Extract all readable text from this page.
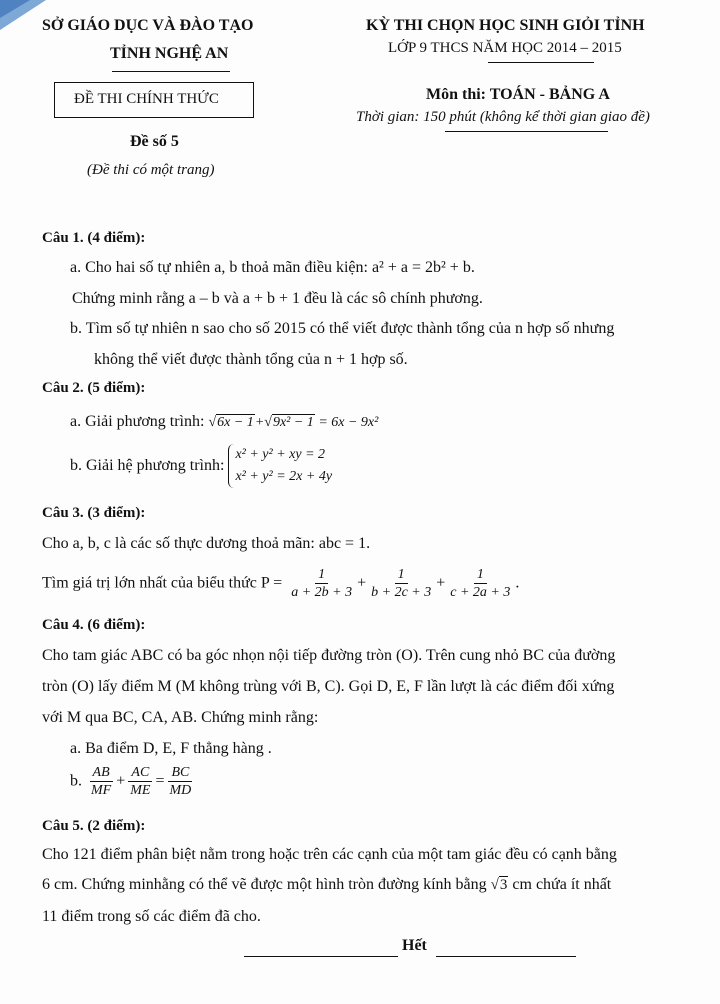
SỞ GIÁO DỤC VÀ ĐÀO TẠO
TỈNH NGHỆ AN
KỲ THI CHỌN HỌC SINH GIỎI TỈNH
LỚP 9 THCS NĂM HỌC 2014 – 2015
ĐỀ THI CHÍNH THỨC	Môn thi: TOÁN - BẢNG A
Thời gian: 150 phút (không kể thời gian giao đề)
Đề số 5
(Đề thi có một trang)
Câu 1. (4 điểm):
a. Cho hai số tự nhiên a, b thoả mãn điều kiện: a² + a = 2b² + b.
Chứng minh rằng a – b và a + b + 1 đều là các sô chính phương.
b. Tìm số tự nhiên n sao cho số 2015 có thể viết được thành tổng của n hợp số nhưng
không thể viết được thành tổng của n + 1 hợp số.
Câu 2. (5 điểm):
a. Giải phương trình: √6x − 1+√9x² − 1 = 6x − 9x²
b. Giải hệ phương trình:
x² + y² + xy = 2
x² + y² = 2x + 4y
Câu 3. (3 điểm):
Cho a, b, c là các số thực dương thoả mãn: abc = 1.
Tìm giá trị lớn nhất của biểu thức $P = \frac{1}{a + 2b + 3} + \frac{1}{b + 2c + 3} + \frac{1}{c + 2a + 3}$ .
Câu 4. (6 điểm):
Cho tam giác ABC có ba góc nhọn nội tiếp đường tròn (O). Trên cung nhỏ BC của đường
tròn (O) lấy điểm M (M không trùng với B, C). Gọi D, E, F lần lượt là các điểm đối xứng
với M qua BC, CA, AB. Chứng minh rằng:
a. Ba điểm D, E, F thẳng hàng .
b. $\frac{AB}{MF} + \frac{AC}{ME} = \frac{BC}{MD}$
Câu 5. (2 điểm):
Cho 121 điểm phân biệt nằm trong hoặc trên các cạnh của một tam giác đều có cạnh bằng
6 cm. Chứng minhằng có thể vẽ được một hình tròn đường kính bằng √3 cm chứa ít nhất
11 điểm trong số các điểm đã cho.
Hết
